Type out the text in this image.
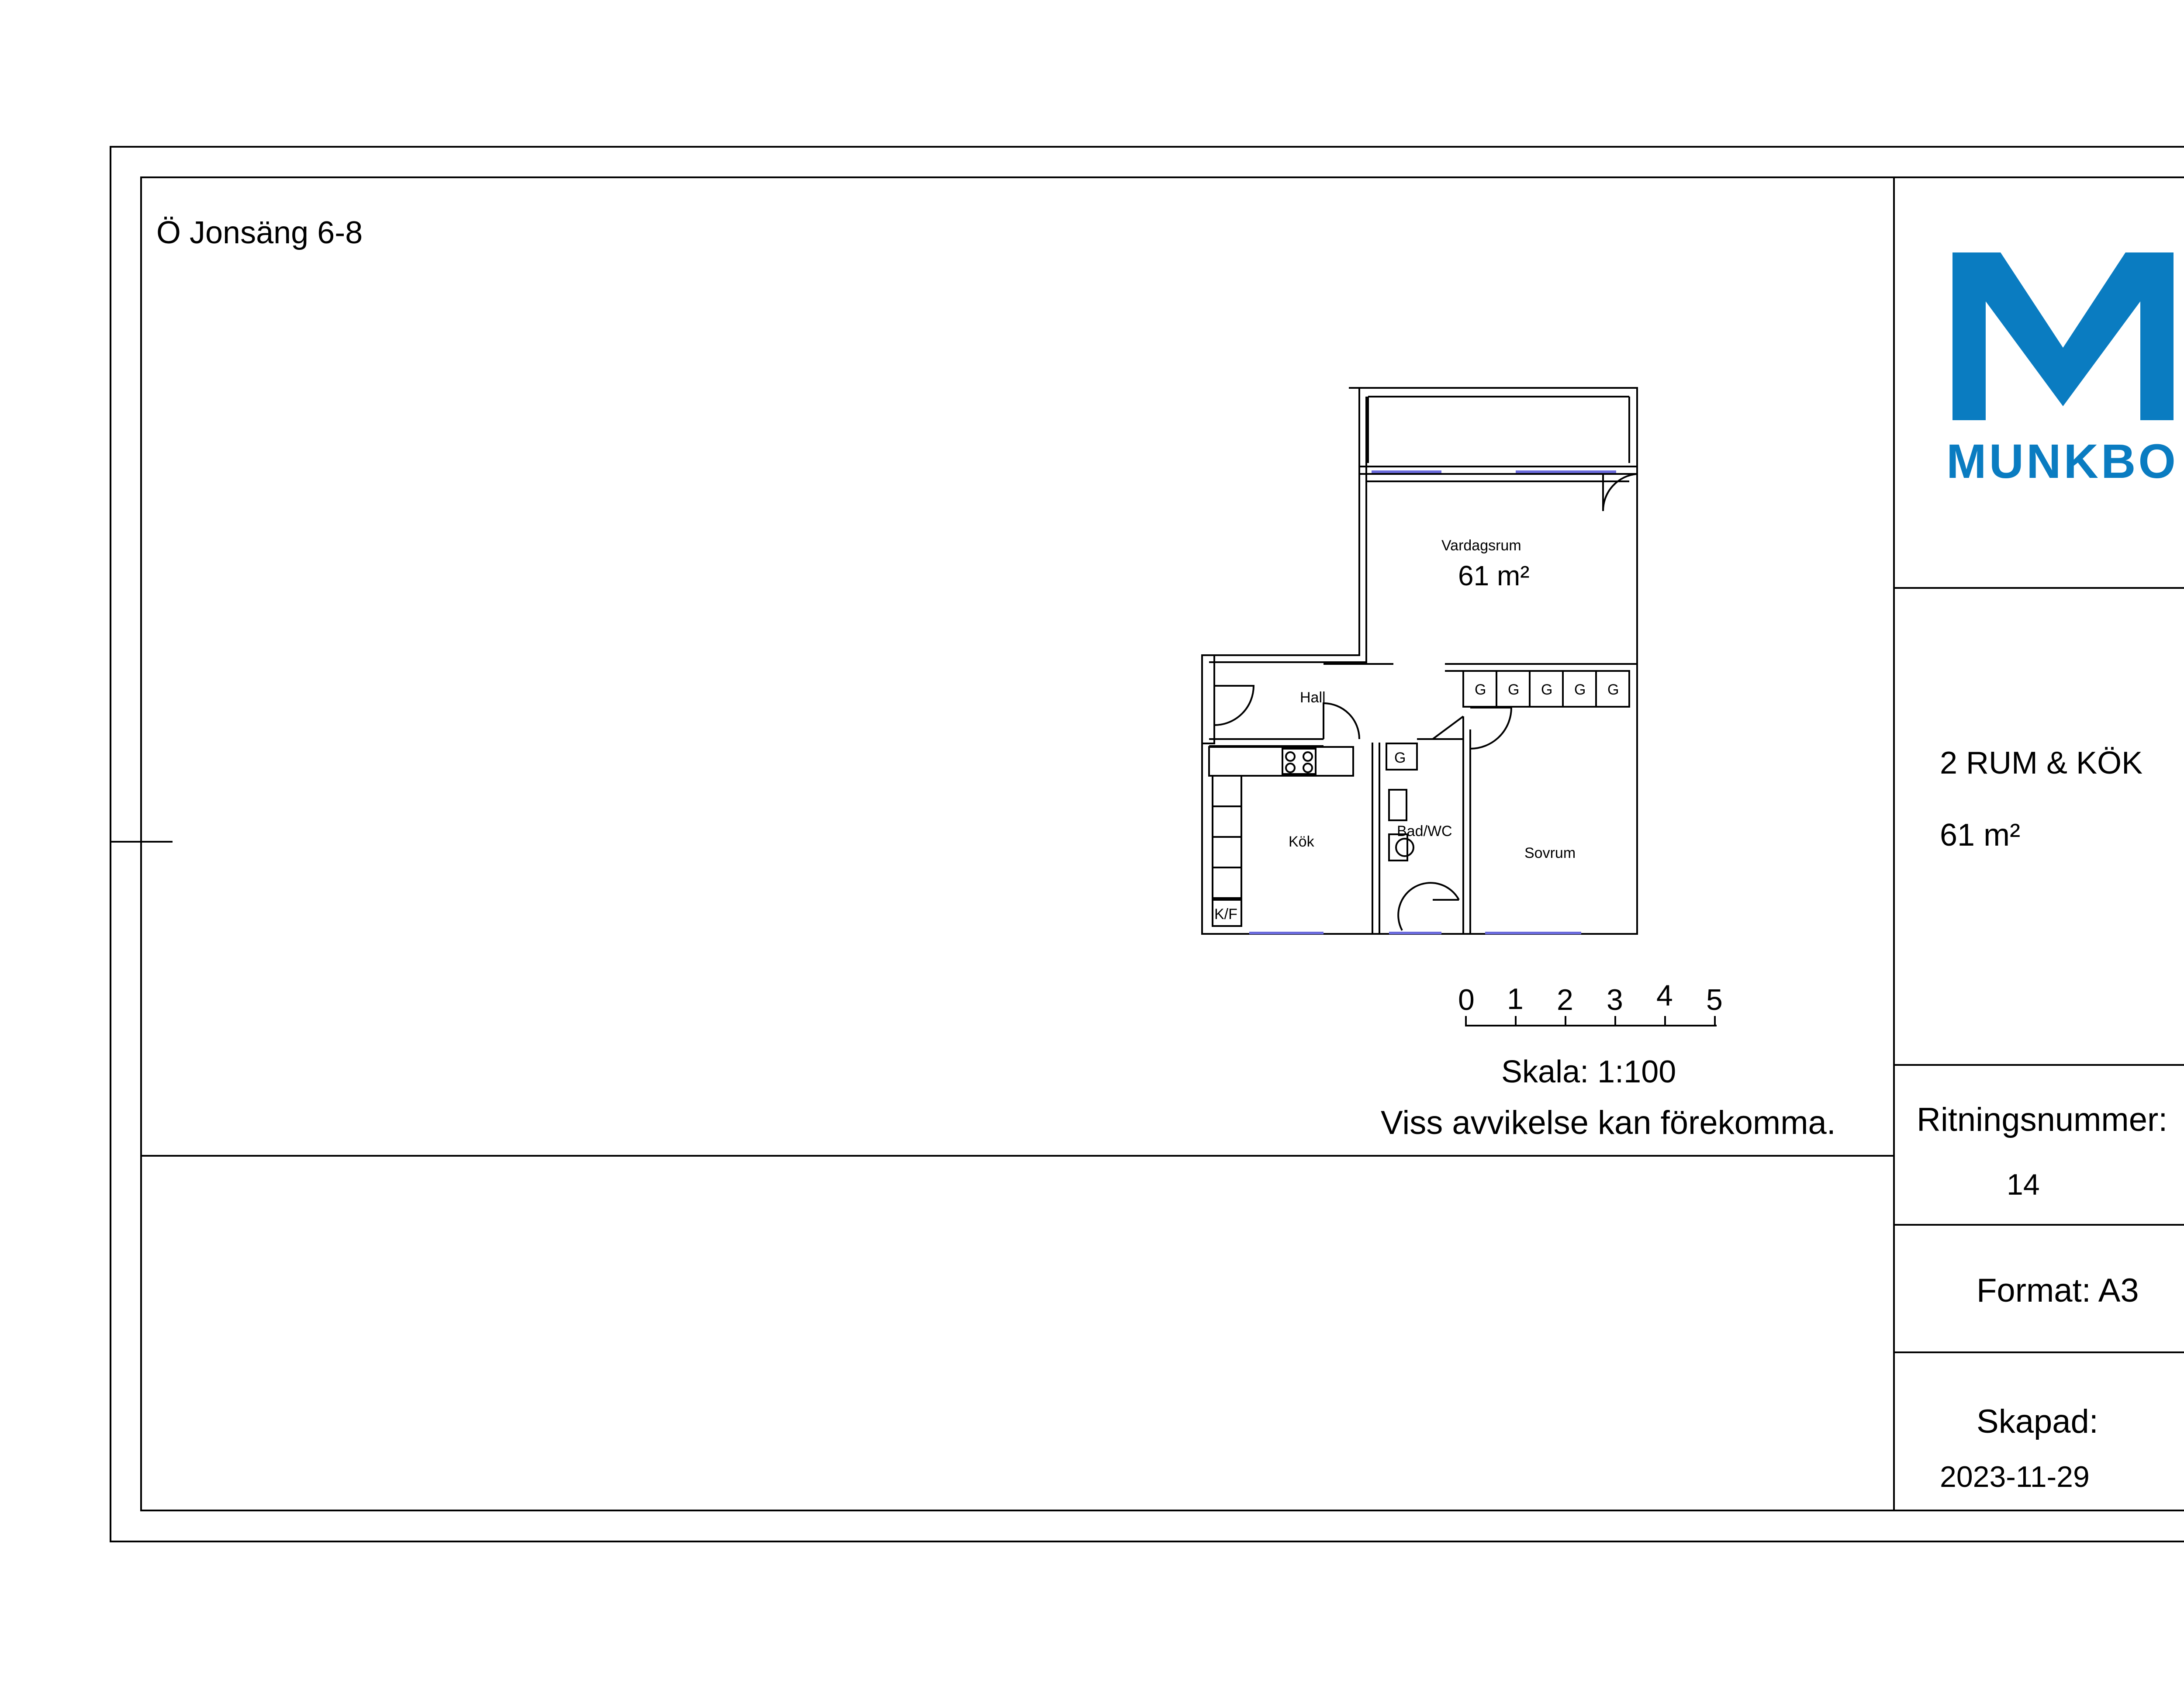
Ö Jonsäng 6-8
MUNKBO
Vardagsrum
Hall
Kök
Bad/WC
Sovrum
K/F
G G G G G
G
61 m²
0 1 2 3 4 5
Skala: 1:100
Viss avvikelse kan förekomma.
2 RUM & KÖK
61 m²
Ritningsnummer:
14
Format: A3
Skapad:
2023-11-29
